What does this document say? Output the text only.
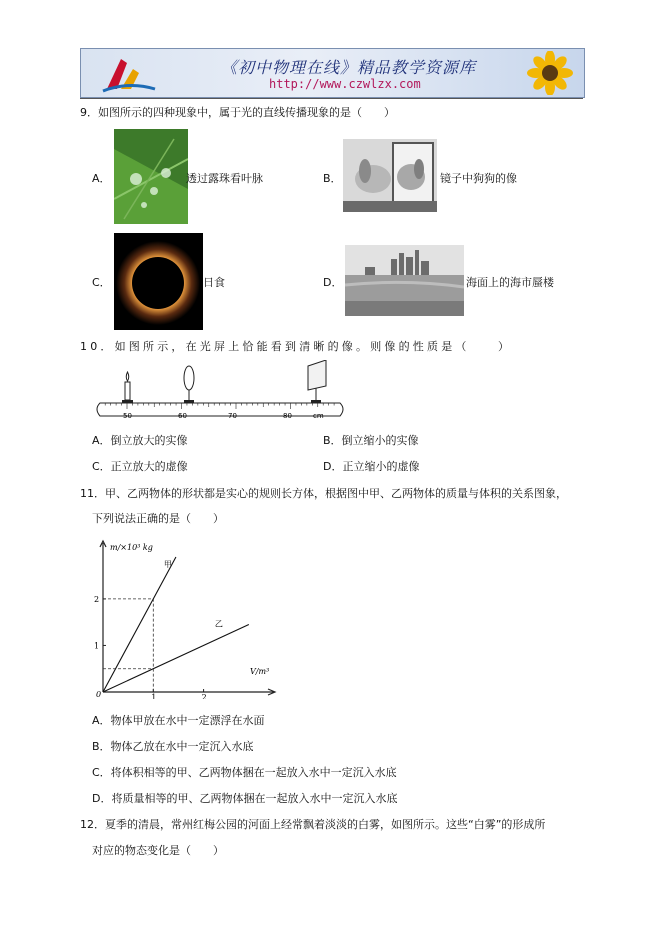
《初中物理在线》精品教学资源库
http://www.czwlzx.com
9．如图所示的四种现象中，属于光的直线传播现象的是（　　）
A．	透过露珠看叶脉	B．	镜子中狗狗的像
C．	日食	D．	海面上的海市蜃楼
10．如图所示，在光屏上恰能看到清晰的像。则像的性质是（　　）
50	60	70	80	cm
A．倒立放大的实像	B．倒立缩小的实像
C．正立放大的虚像	D．正立缩小的虚像
11．甲、乙两物体的形状都是实心的规则长方体，根据图中甲、乙两物体的质量与体积的关系图象，
下列说法正确的是（　　）
m/×10³ kg
V/m³
0	1	2
1
2
甲
乙
A．物体甲放在水中一定漂浮在水面
B．物体乙放在水中一定沉入水底
C．将体积相等的甲、乙两物体捆在一起放入水中一定沉入水底
D．将质量相等的甲、乙两物体捆在一起放入水中一定沉入水底
12．夏季的清晨，常州红梅公园的河面上经常飘着淡淡的白雾，如图所示。这些“白雾”的形成所
对应的物态变化是（　　）
